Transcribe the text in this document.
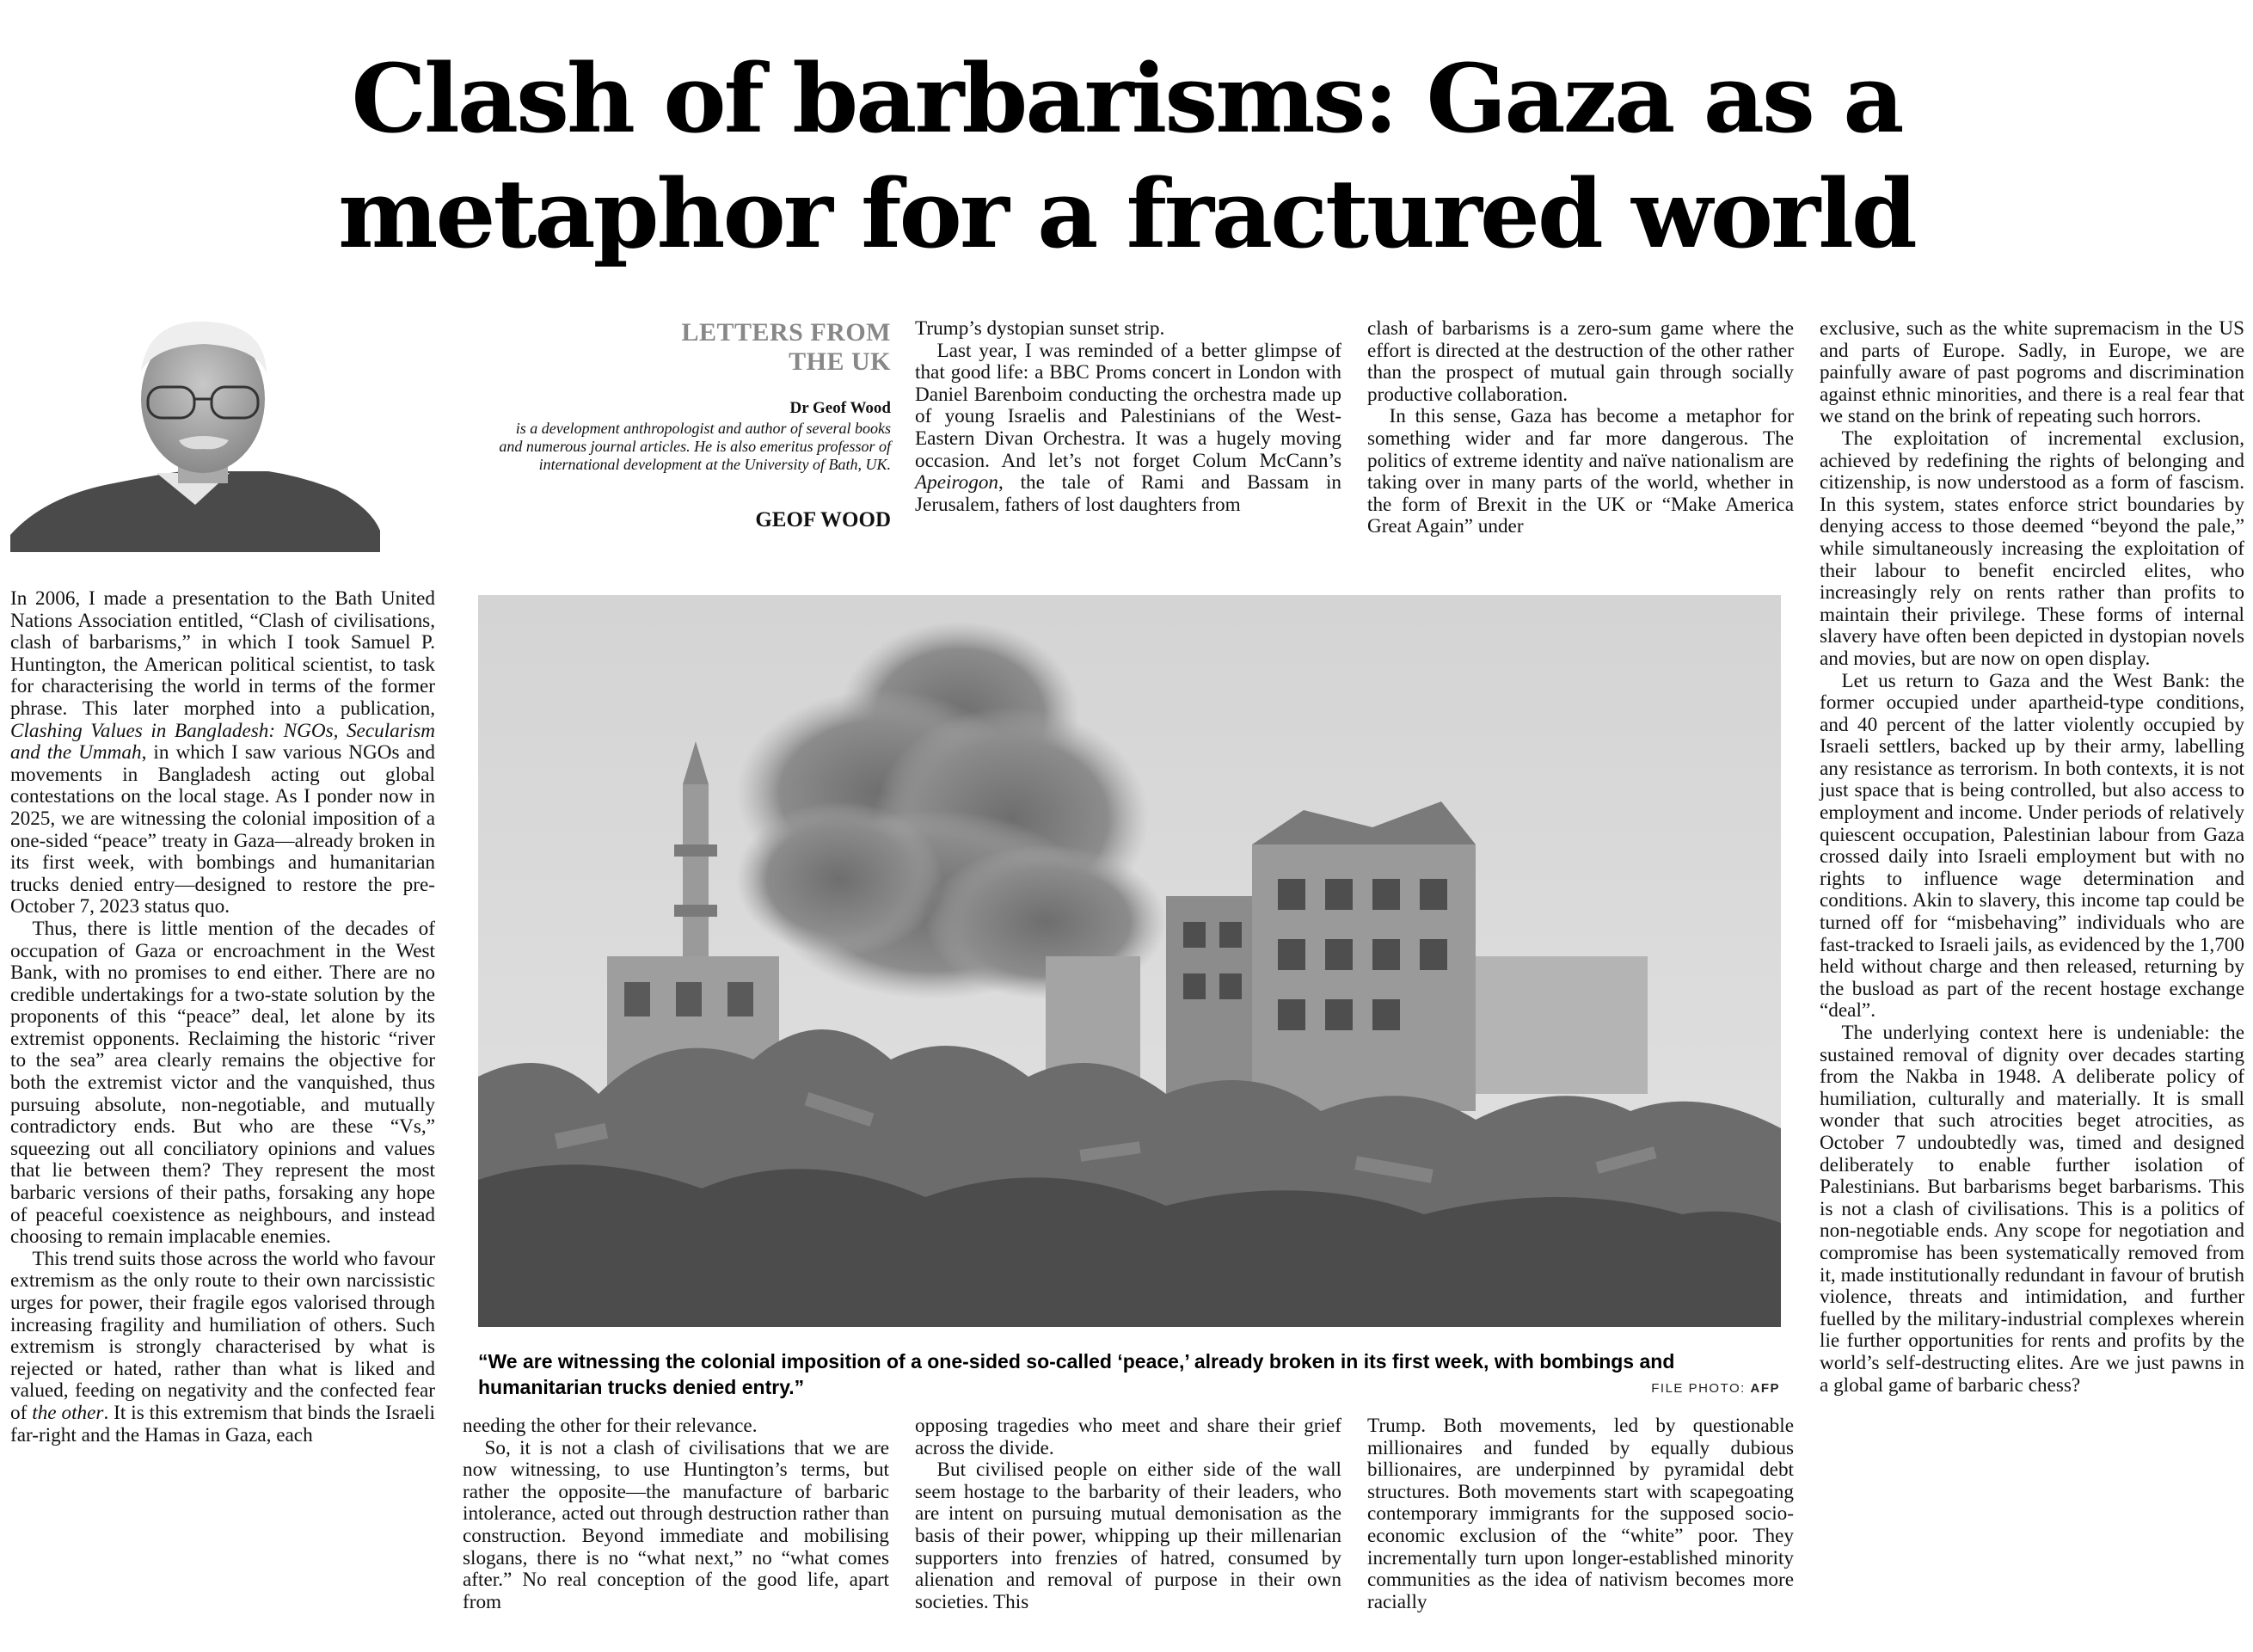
Clash of barbarisms: Gaza as a
metaphor for a fractured world
LETTERS FROM
THE UK
Dr Geof Wood
is a development anthropologist and author of several books
and numerous journal articles. He is also emeritus professor of
international development at the University of Bath, UK.
GEOF WOOD

In 2006, I made a presentation to the Bath United Nations Association entitled, “Clash of civilisations, clash of barbarisms,” in which I took Samuel P. Huntington, the American political scientist, to task for characterising the world in terms of the former phrase. This later morphed into a publication, Clashing Values in Bangladesh: NGOs, Secularism and the Ummah, in which I saw various NGOs and movements in Bangladesh acting out global contestations on the local stage. As I ponder now in 2025, we are witnessing the colonial imposition of a one-sided “peace” treaty in Gaza—already broken in its first week, with bombings and humanitarian trucks denied entry—designed to restore the pre-October 7, 2023 status quo.

Thus, there is little mention of the decades of occupation of Gaza or encroachment in the West Bank, with no promises to end either. There are no credible undertakings for a two-state solution by the proponents of this “peace” deal, let alone by its extremist opponents. Reclaiming the historic “river to the sea” area clearly remains the objective for both the extremist victor and the vanquished, thus pursuing absolute, non-negotiable, and mutually contradictory ends. But who are these “Vs,” squeezing out all conciliatory opinions and values that lie between them? They represent the most barbaric versions of their paths, forsaking any hope of peaceful coexistence as neighbours, and instead choosing to remain implacable enemies.

This trend suits those across the world who favour extremism as the only route to their own narcissistic urges for power, their fragile egos valorised through increasing fragility and humiliation of others. Such extremism is strongly characterised by what is rejected or hated, rather than what is liked and valued, feeding on negativity and the confected fear of the other. It is this extremism that binds the Israeli far-right and the Hamas in Gaza, each

Trump’s dystopian sunset strip.

Last year, I was reminded of a better glimpse of that good life: a BBC Proms concert in London with Daniel Barenboim conducting the orchestra made up of young Israelis and Palestinians of the West-Eastern Divan Orchestra. It was a hugely moving occasion. And let’s not forget Colum McCann’s Apeirogon, the tale of Rami and Bassam in Jerusalem, fathers of lost daughters from

clash of barbarisms is a zero-sum game where the effort is directed at the destruction of the other rather than the prospect of mutual gain through socially productive collaboration.

In this sense, Gaza has become a metaphor for something wider and far more dangerous. The politics of extreme identity and naïve nationalism are taking over in many parts of the world, whether in the form of Brexit in the UK or “Make America Great Again” under

exclusive, such as the white supremacism in the US and parts of Europe. Sadly, in Europe, we are painfully aware of past pogroms and discrimination against ethnic minorities, and there is a real fear that we stand on the brink of repeating such horrors.

The exploitation of incremental exclusion, achieved by redefining the rights of belonging and citizenship, is now understood as a form of fascism. In this system, states enforce strict boundaries by denying access to those deemed “beyond the pale,” while simultaneously increasing the exploitation of their labour to benefit encircled elites, who increasingly rely on rents rather than profits to maintain their privilege. These forms of internal slavery have often been depicted in dystopian novels and movies, but are now on open display.

Let us return to Gaza and the West Bank: the former occupied under apartheid-type conditions, and 40 percent of the latter violently occupied by Israeli settlers, backed up by their army, labelling any resistance as terrorism. In both contexts, it is not just space that is being controlled, but also access to employment and income. Under periods of relatively quiescent occupation, Palestinian labour from Gaza crossed daily into Israeli employment but with no rights to influence wage determination and conditions. Akin to slavery, this income tap could be turned off for “misbehaving” individuals who are fast-tracked to Israeli jails, as evidenced by the 1,700 held without charge and then released, returning by the busload as part of the recent hostage exchange “deal”.

The underlying context here is undeniable: the sustained removal of dignity over decades starting from the Nakba in 1948. A deliberate policy of humiliation, culturally and materially. It is small wonder that such atrocities beget atrocities, as October 7 undoubtedly was, timed and designed deliberately to enable further isolation of Palestinians. But barbarisms beget barbarisms. This is not a clash of civilisations. This is a politics of non-negotiable ends. Any scope for negotiation and compromise has been systematically removed from it, made institutionally redundant in favour of brutish violence, threats and intimidation, and further fuelled by the military-industrial complexes wherein lie further opportunities for rents and profits by the world’s self-destructing elites. Are we just pawns in a global game of barbaric chess?

“We are witnessing the colonial imposition of a one-sided so-called ‘peace,’ already broken in its first week, with bombings and
humanitarian trucks denied entry.”	FILE PHOTO: AFP

needing the other for their relevance.

So, it is not a clash of civilisations that we are now witnessing, to use Huntington’s terms, but rather the opposite—the manufacture of barbaric intolerance, acted out through destruction rather than construction. Beyond immediate and mobilising slogans, there is no “what next,” no “what comes after.” No real conception of the good life, apart from

opposing tragedies who meet and share their grief across the divide.

But civilised people on either side of the wall seem hostage to the barbarity of their leaders, who are intent on pursuing mutual demonisation as the basis of their power, whipping up their millenarian supporters into frenzies of hatred, consumed by alienation and removal of purpose in their own societies. This

Trump. Both movements, led by questionable millionaires and funded by equally dubious billionaires, are underpinned by pyramidal debt structures. Both movements start with scapegoating contemporary immigrants for the supposed socio-economic exclusion of the “white” poor. They incrementally turn upon longer-established minority communities as the idea of nativism becomes more racially
